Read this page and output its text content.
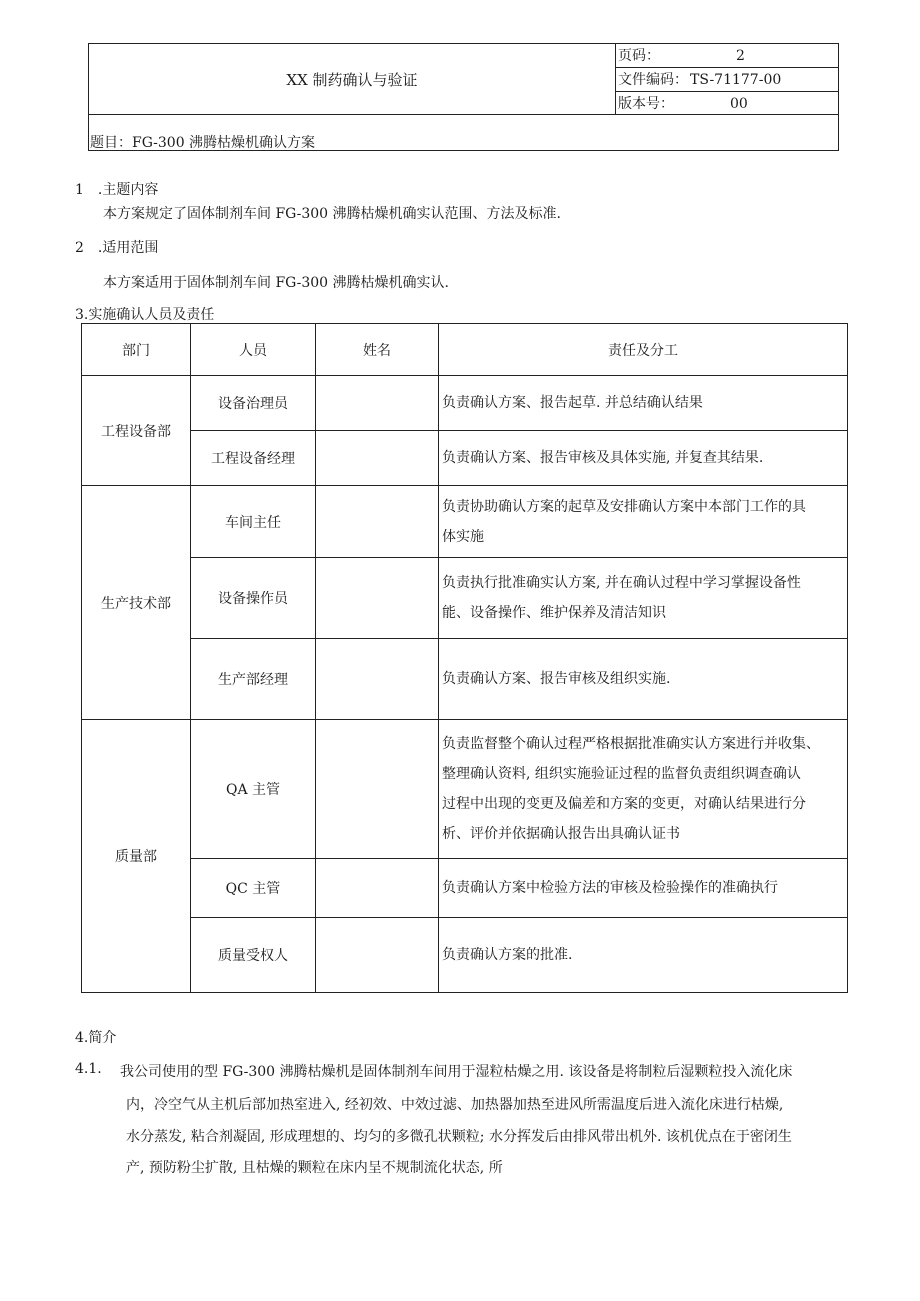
XX 制药确认与验证
页码：	2
文件编码： TS-71177-00
版本号：	00
题目：FG-300 沸腾枯燥机确认方案
1　.主题内容
本方案规定了固体制剂车间 FG-300 沸腾枯燥机确实认范围、方法及标准.
2　.适用范围
本方案适用于固体制剂车间 FG-300 沸腾枯燥机确实认.
3.实施确认人员及责任
部门	人员	姓名	责任及分工
工程设备部	设备治理员		负责确认方案、报告起草. 并总结确认结果

	工程设备经理		负责确认方案、报告审核及具体实施, 并复查其结果.

生产技术部	车间主任		负责协助确认方案的起草及安排确认方案中本部门工作的具
体实施

	设备操作员		负责执行批准确实认方案, 并在确认过程中学习掌握设备性
能、设备操作、维护保养及清洁知识

	生产部经理		负责确认方案、报告审核及组织实施.

质量部	QA 主管		负责监督整个确认过程严格根据批准确实认方案进行并收集、
整理确认资料, 组织实施验证过程的监督负责组织调查确认
过程中出现的变更及偏差和方案的变更，对确认结果进行分
析、评价并依据确认报告出具确认证书

	QC 主管		负责确认方案中检验方法的审核及检验操作的准确执行

	质量受权人		负责确认方案的批准.
4.简介
4.1. 我公司使用的型 FG-300 沸腾枯燥机是固体制剂车间用于湿粒枯燥之用. 该设备是将制粒后湿颗粒投入流化床
内，冷空气从主机后部加热室进入, 经初效、中效过滤、加热器加热至进风所需温度后进入流化床进行枯燥,
水分蒸发, 粘合剂凝固, 形成理想的、均匀的多微孔状颗粒; 水分挥发后由排风带出机外. 该机优点在于密闭生
产, 预防粉尘扩散, 且枯燥的颗粒在床内呈不规制流化状态, 所
